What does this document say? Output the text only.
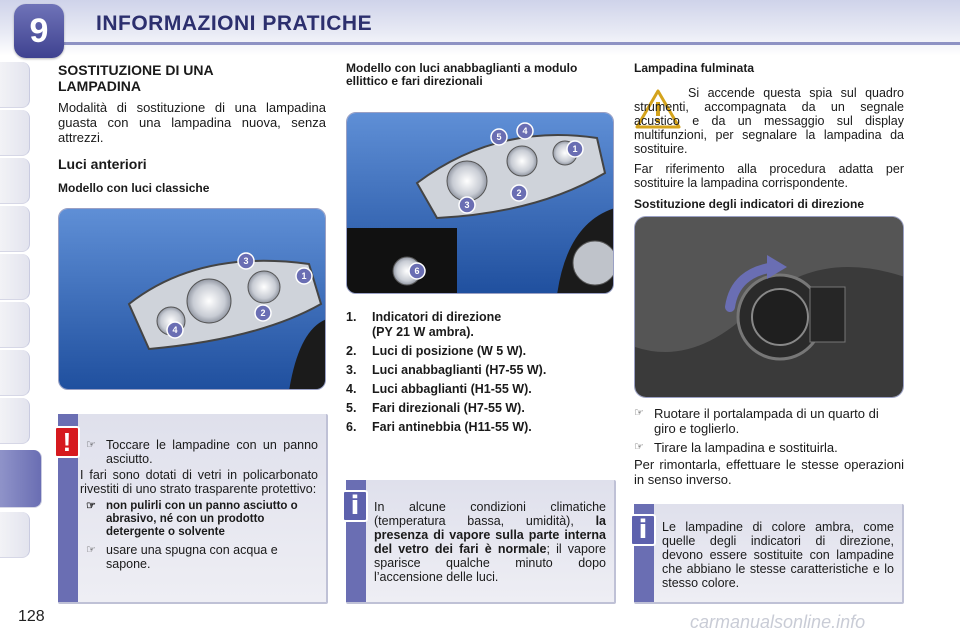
9	INFORMAZIONI PRATICHE
128
SOSTITUZIONE DI UNA LAMPADINA

Modalità di sostituzione di una lampadina guasta con una lampadina nuova, senza attrezzi.

Luci anteriori
Modello con luci classiche
1
2
3
4
!	☞ Toccare le lampadine con un panno asciutto.

I fari sono dotati di vetri in policarbonato rivestiti di uno strato trasparente protettivo:

☞ non pulirli con un panno asciutto o abrasivo, né con un prodotto detergente o solvente
☞ usare una spugna con acqua e sapone.
Modello con luci anabbaglianti a modulo ellittico e fari direzionali
1
2
3
4
5
6
1.	Indicatori di direzione
(PY 21 W ambra).
2.	Luci di posizione (W 5 W).
3.	Luci anabbaglianti (H7-55 W).
4.	Luci abbaglianti (H1-55 W).
5.	Fari direzionali (H7-55 W).
6.	Fari antinebbia (H11-55 W).
i	In alcune condizioni climatiche (temperatura bassa, umidità), la presenza di vapore sulla parte interna del vetro dei fari è normale; il vapore sparisce qualche minuto dopo l’accensione delle luci.
Lampadina fulminata

Si accende questa spia sul quadro strumenti, accompagnata da un segnale acustico e da un messaggio sul display multifunzioni, per segnalare la lampadina da sostituire.

Far riferimento alla procedura adatta per sostituire la lampadina corrispondente.

Sostituzione degli indicatori di direzione
☞ Ruotare il portalampada di un quarto di giro e toglierlo.
☞ Tirare la lampadina e sostituirla.

Per rimontarla, effettuare le stesse operazioni in senso inverso.

i	Le lampadine di colore ambra, come quelle degli indicatori di direzione, devono essere sostituite con lampadine che abbiano le stesse caratteristiche e lo stesso colore.
carmanualsonline.info
